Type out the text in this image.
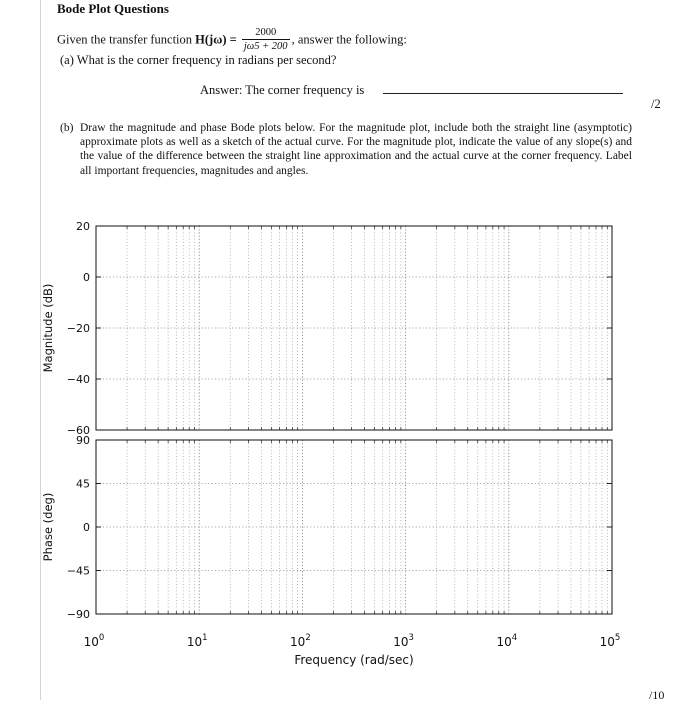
Bode Plot Questions
Given the transfer function $H(j\omega) = \frac{2000}{j\omega 5 + 200}$ , answer the following:
(a) What is the corner frequency in radians per second?
Answer: The corner frequency is
/2
(b) Draw the magnitude and phase Bode plots below. For the magnitude plot, include both the straight line (asymptotic) approximate plots as well as a sketch of the actual curve. For the magnitude plot, indicate the value of any slope(s) and the value of the difference between the straight line approximation and the actual curve at the corner frequency. Label all important frequencies, magnitudes and angles.
20
0
−20
−40
−60
Magnitude (dB)
90
45
0
−45
−90
Phase (deg)
$10^0$	$10^1$	$10^2$	$10^3$	$10^4$	$10^5$
Frequency (rad/sec)
/10
